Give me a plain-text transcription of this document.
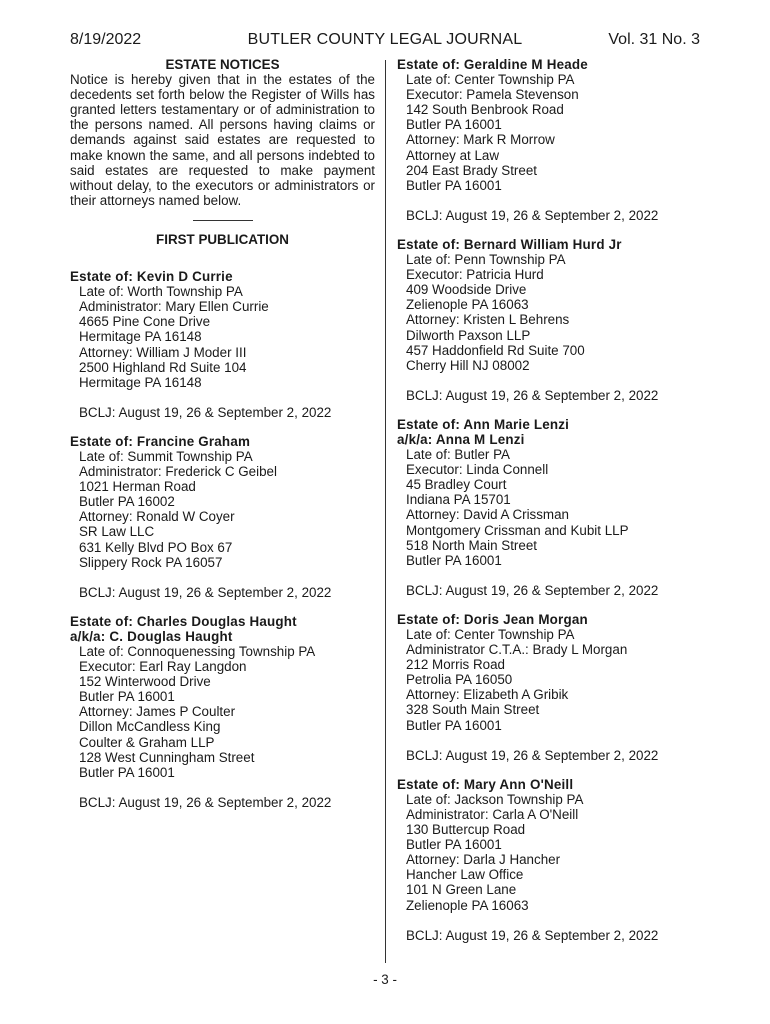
8/19/2022	BUTLER COUNTY LEGAL JOURNAL	Vol. 31 No. 3
ESTATE NOTICES
Notice is hereby given that in the estates of the decedents set forth below the Register of Wills has granted letters testamentary or of administration to the persons named. All persons having claims or demands against said estates are requested to make known the same, and all persons indebted to said estates are requested to make payment without delay, to the executors or administrators or their attorneys named below.
FIRST PUBLICATION
Estate of: Kevin D Currie
Late of: Worth Township PA
Administrator: Mary Ellen Currie
4665 Pine Cone Drive
Hermitage PA 16148
Attorney: William J Moder III
2500 Highland Rd Suite 104
Hermitage PA 16148
BCLJ: August 19, 26 & September 2, 2022
Estate of: Francine Graham
Late of: Summit Township PA
Administrator: Frederick C Geibel
1021 Herman Road
Butler PA 16002
Attorney: Ronald W Coyer
SR Law LLC
631 Kelly Blvd PO Box 67
Slippery Rock PA 16057
BCLJ: August 19, 26 & September 2, 2022
Estate of: Charles Douglas Haught
a/k/a: C. Douglas Haught
Late of: Connoquenessing Township PA
Executor: Earl Ray Langdon
152 Winterwood Drive
Butler PA 16001
Attorney: James P Coulter
Dillon McCandless King
Coulter & Graham LLP
128 West Cunningham Street
Butler PA 16001
BCLJ: August 19, 26 & September 2, 2022
Estate of: Geraldine M Heade
Late of: Center Township PA
Executor: Pamela Stevenson
142 South Benbrook Road
Butler PA 16001
Attorney: Mark R Morrow
Attorney at Law
204 East Brady Street
Butler PA 16001
BCLJ: August 19, 26 & September 2, 2022
Estate of: Bernard William Hurd Jr
Late of: Penn Township PA
Executor: Patricia Hurd
409 Woodside Drive
Zelienople PA 16063
Attorney: Kristen L Behrens
Dilworth Paxson LLP
457 Haddonfield Rd Suite 700
Cherry Hill NJ 08002
BCLJ: August 19, 26 & September 2, 2022
Estate of: Ann Marie Lenzi
a/k/a: Anna M Lenzi
Late of: Butler PA
Executor: Linda Connell
45 Bradley Court
Indiana PA 15701
Attorney: David A Crissman
Montgomery Crissman and Kubit LLP
518 North Main Street
Butler PA 16001
BCLJ: August 19, 26 & September 2, 2022
Estate of: Doris Jean Morgan
Late of: Center Township PA
Administrator C.T.A.: Brady L Morgan
212 Morris Road
Petrolia PA 16050
Attorney: Elizabeth A Gribik
328 South Main Street
Butler PA 16001
BCLJ: August 19, 26 & September 2, 2022
Estate of: Mary Ann O'Neill
Late of: Jackson Township PA
Administrator: Carla A O'Neill
130 Buttercup Road
Butler PA 16001
Attorney: Darla J Hancher
Hancher Law Office
101 N Green Lane
Zelienople PA 16063
BCLJ: August 19, 26 & September 2, 2022
- 3 -
